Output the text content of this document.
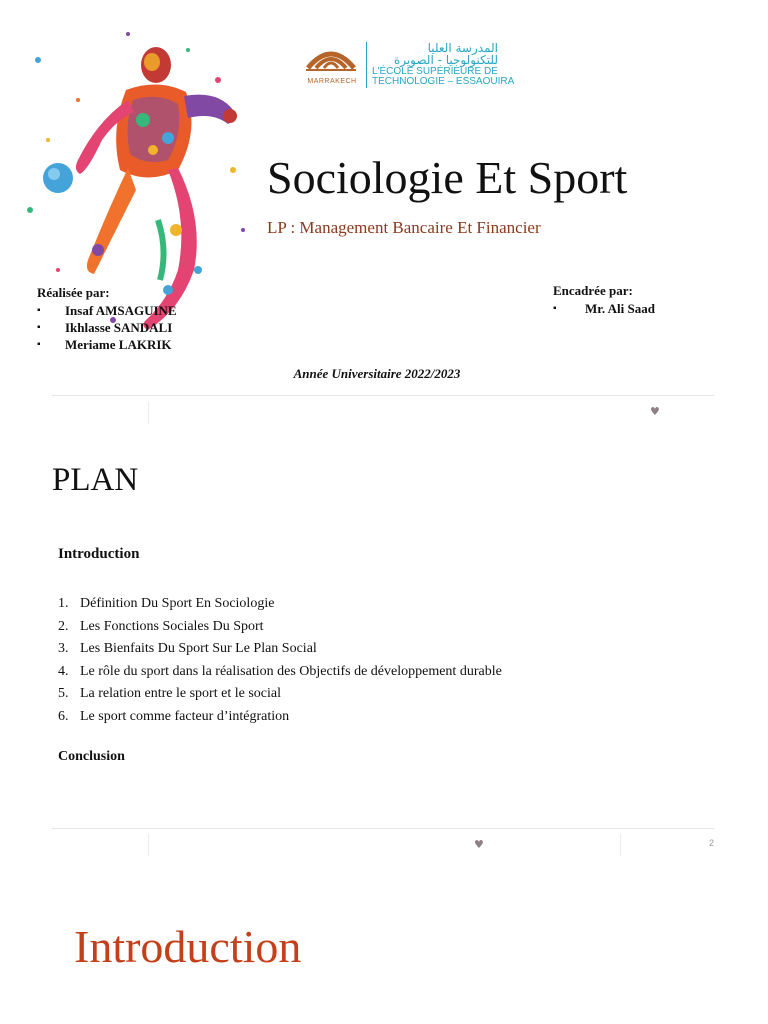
MARRAKECH
المدرسة العليا للتكنولوجيا - الصويرة
L'ÉCOLE SUPÉRIEURE DE
TECHNOLOGIE – ESSAOUIRA
Sociologie Et Sport
LP : Management Bancaire Et Financier
Réalisée par:
▪ Insaf AMSAGUINE
▪ Ikhlasse SANDALI
▪ Meriame LAKRIK
Encadrée par:
▪ Mr. Ali Saad
Année Universitaire 2022/2023
♥
PLAN
Introduction
1. Définition Du Sport En Sociologie
2. Les Fonctions Sociales Du Sport
3. Les Bienfaits Du Sport Sur Le Plan Social
4. Le rôle du sport dans la réalisation des Objectifs de développement durable
5. La relation entre le sport et le social
6. Le sport comme facteur d’intégration
Conclusion
♥	2
Introduction
